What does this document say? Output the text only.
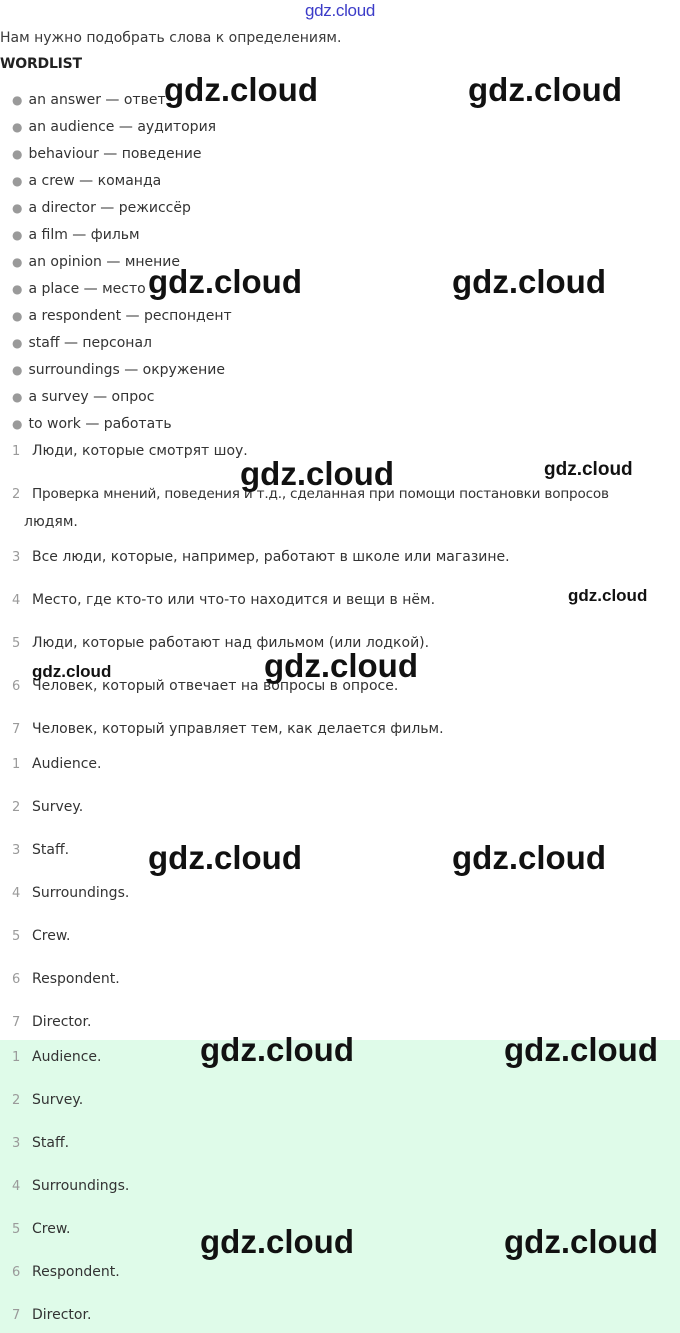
gdz.cloud
Нам нужно подобрать слова к определениям.
WORDLIST
● an answer — ответ
● an audience — аудитория
● behaviour — поведение
● a crew — команда
● a director — режиссёр
● a film — фильм
● an opinion — мнение
● a place — место
● a respondent — респондент
● staff — персонал
● surroundings — окружение
● a survey — опрос
● to work — работать
1 Люди, которые смотрят шоу.
2 Проверка мнений, поведения и т.д., сделанная при помощи постановки вопросов
людям.
3 Все люди, которые, например, работают в школе или магазине.
4 Место, где кто-то или что-то находится и вещи в нём.
5 Люди, которые работают над фильмом (или лодкой).
6 Человек, который отвечает на вопросы в опросе.
7 Человек, который управляет тем, как делается фильм.
1 Audience.
2 Survey.
3 Staff.
4 Surroundings.
5 Crew.
6 Respondent.
7 Director.
1 Audience.
2 Survey.
3 Staff.
4 Surroundings.
5 Crew.
6 Respondent.
7 Director.
gdz.cloud	gdz.cloud
gdz.cloud	gdz.cloud
gdz.cloud	gdz.cloud
gdz.cloud
gdz.cloud	gdz.cloud
gdz.cloud	gdz.cloud
gdz.cloud	gdz.cloud
gdz.cloud	gdz.cloud
